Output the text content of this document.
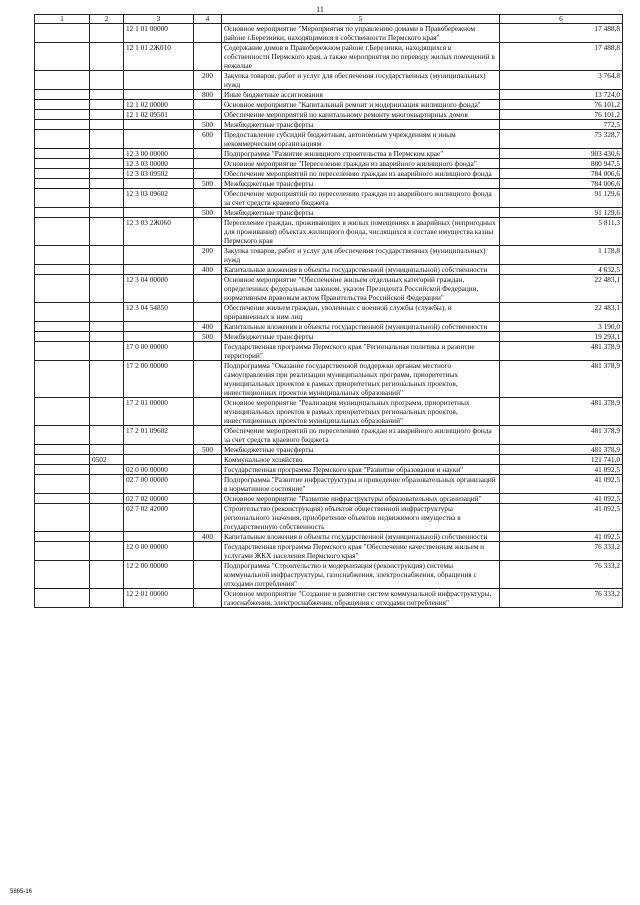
11
1	2	3	4	5	6
		12 1 01 00000		Основное мероприятие "Мероприятия по управлению домами в Правобережном районе г.Березники, находящимися в собственности Пермского края"	17 488,8
		12 1 01 2Ж010		Содержание домов в Правобережном районе г.Березники, находящихся в собственности Пермского края, а также мероприятия по переводу жилых помещений в нежилые	17 488,8
			200	Закупка товаров, работ и услуг для обеспечения государственных (муниципальных) нужд	3 764,8
			800	Иные бюджетные ассигнования	13 724,0
		12 1 02 00000		Основное мероприятие "Капитальный ремонт и модернизация жилищного фонда"	76 101,2
		12 1 02 09501		Обеспечение мероприятий по капитальному ремонту многоквартирных домов	76 101,2
			500	Межбюджетные трансферты	772,5
			600	Предоставление субсидий бюджетным, автономным учреждениям и иным некоммерческим организациям	75 328,7
		12 3 00 00000		Подпрограмма "Развитие жилищного строительства в Пермском крае"	903 430,6
		12 3 03 00000		Основное мероприятие "Переселение граждан из аварийного жилищного фонда"	880 947,5
		12 3 03 09502		Обеспечение мероприятий по переселению граждан из аварийного жилищного фонда	784 006,6
			500	Межбюджетные трансферты	784 006,6
		12 3 03 09602		Обеспечение мероприятий по переселению граждан из аварийного жилищного фонда за счет средств краевого бюджета	91 129,6
			500	Межбюджетные трансферты	91 129,6
		12 3 03 2Ж060		Переселение граждан, проживающих в жилых помещениях в аварийных (непригодных для проживания) объектах жилищного фонда, числящихся в составе имущества казны Пермского края	5 811,3
			200	Закупка товаров, работ и услуг для обеспечения государственных (муниципальных) нужд	1 178,8
			400	Капитальные вложения в объекты государственной (муниципальной) собственности	4 632,5
		12 3 04 00000		Основное мероприятие "Обеспечение жильем отдельных категорий граждан, определенных федеральным законом, указом Президента Российской Федерации, нормативным правовым актом Правительства Российской Федерации"	22 483,1
		12 3 04 54850		Обеспечение жильем граждан, уволенных с военной службы (службы), и приравненных к ним лиц	22 483,1
			400	Капитальные вложения в объекты государственной (муниципальной) собственности	3 190,0
			500	Межбюджетные трансферты	19 293,1
		17 0 00 00000		Государственная программа Пермского края "Региональная политика и развитие территорий"	481 378,9
		17 2 00 00000		Подпрограмма "Оказание государственной поддержки органам местного самоуправления при реализации муниципальных программ, приоритетных муниципальных проектов в рамках приоритетных региональных проектов, инвестиционных проектов муниципальных образований"	481 378,9
		17 2 01 00000		Основное мероприятие "Реализация муниципальных программ, приоритетных муниципальных проектов в рамках приоритетных региональных проектов, инвестиционных проектов муниципальных образований"	481 378,9
		17 2 01 09602		Обеспечение мероприятий по переселению граждан из аварийного жилищного фонда за счет средств краевого бюджета	481 378,9
			500	Межбюджетные трансферты	481 378,9
	0502			Коммунальное хозяйство	121 741,0
		02 0 00 00000		Государственная программа Пермского края "Развитие образования и науки"	41 092,5
		02 7 00 00000		Подпрограмма "Развитие инфраструктуры и приведение образовательных организаций в нормативное состояние"	41 092,5
		02 7 02 00000		Основное мероприятие "Развитие инфраструктуры образовательных организаций"	41 092,5
		02 7 02 42000		Строительство (реконструкция) объектов общественной инфраструктуры регионального значения, приобретение объектов недвижимого имущества в государственную собственность	41 092,5
			400	Капитальные вложения в объекты государственной (муниципальной) собственности	41 092,5
		12 0 00 00000		Государственная программа Пермского края "Обеспечение качественным жильем и услугами ЖКХ населения Пермского края"	76 333,2
		12 2 00 00000		Подпрограмма "Строительство и модернизация (реконструкция) системы коммунальной инфраструктуры, газоснабжения, электроснабжения, обращения с отходами потребления"	76 333,2
		12 2 01 00000		Основное мероприятие "Создание и развитие систем коммунальной инфраструктуры, газоснабжения, электроснабжения, обращения с отходами потребления"	76 333,2
5865-16
